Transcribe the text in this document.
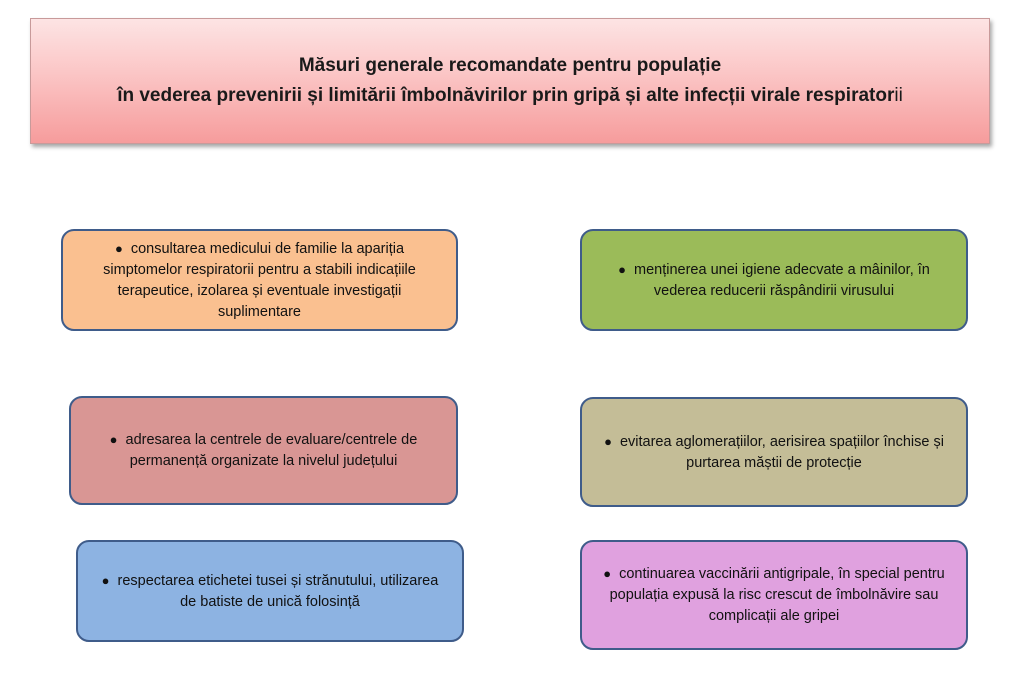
Măsuri generale recomandate pentru populație
în vederea prevenirii și limitării îmbolnăvirilor prin gripă și alte infecții virale respiratorii
● consultarea medicului de familie la apariția simptomelor respiratorii pentru a stabili indicațiile terapeutice, izolarea și eventuale investigații suplimentare
● menținerea unei igiene adecvate a mâinilor, în vederea reducerii răspândirii virusului
● adresarea la centrele de evaluare/centrele de permanență organizate la nivelul județului
● evitarea aglomerațiilor, aerisirea spațiilor închise și purtarea măștii de protecție
● respectarea etichetei tusei și strănutului, utilizarea de batiste de unică folosință
● continuarea vaccinării antigripale, în special pentru populația expusă la risc crescut de îmbolnăvire sau complicații ale gripei
